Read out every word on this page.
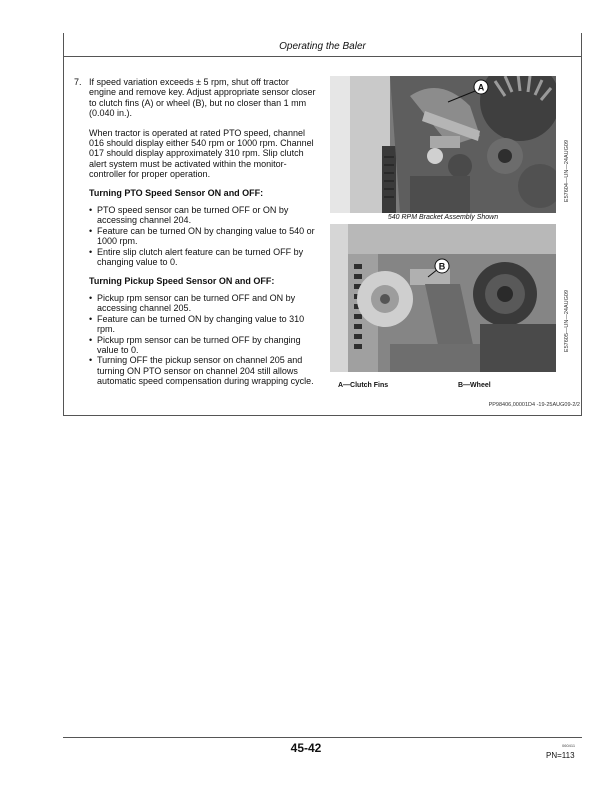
Operating the Baler
7. If speed variation exceeds ± 5 rpm, shut off tractor engine and remove key. Adjust appropriate sensor closer to clutch fins (A) or wheel (B), but no closer than 1 mm (0.040 in.).

When tractor is operated at rated PTO speed, channel 016 should display either 540 rpm or 1000 rpm. Channel 017 should display approximately 310 rpm. Slip clutch alert system must be activated within the monitor-controller for proper operation.

Turning PTO Speed Sensor ON and OFF:

• PTO speed sensor can be turned OFF or ON by accessing channel 204.
• Feature can be turned ON by changing value to 540 or 1000 rpm.
• Entire slip clutch alert feature can be turned OFF by changing value to 0.

Turning Pickup Speed Sensor ON and OFF:

• Pickup rpm sensor can be turned OFF and ON by accessing channel 205.
• Feature can be turned ON by changing value to 310 rpm.
• Pickup rpm sensor can be turned OFF by changing value to 0.
• Turning OFF the pickup sensor on channel 205 and turning ON PTO sensor on channel 204 still allows automatic speed compensation during wrapping cycle.
A
E57604—UN—24AUG09
540 RPM Bracket Assembly Shown
B
E57605—UN—24AUG09
A—Clutch Fins	B—Wheel
PP98406,00001D4 -19-25AUG09-2/2
45-42	060411
PN=113
